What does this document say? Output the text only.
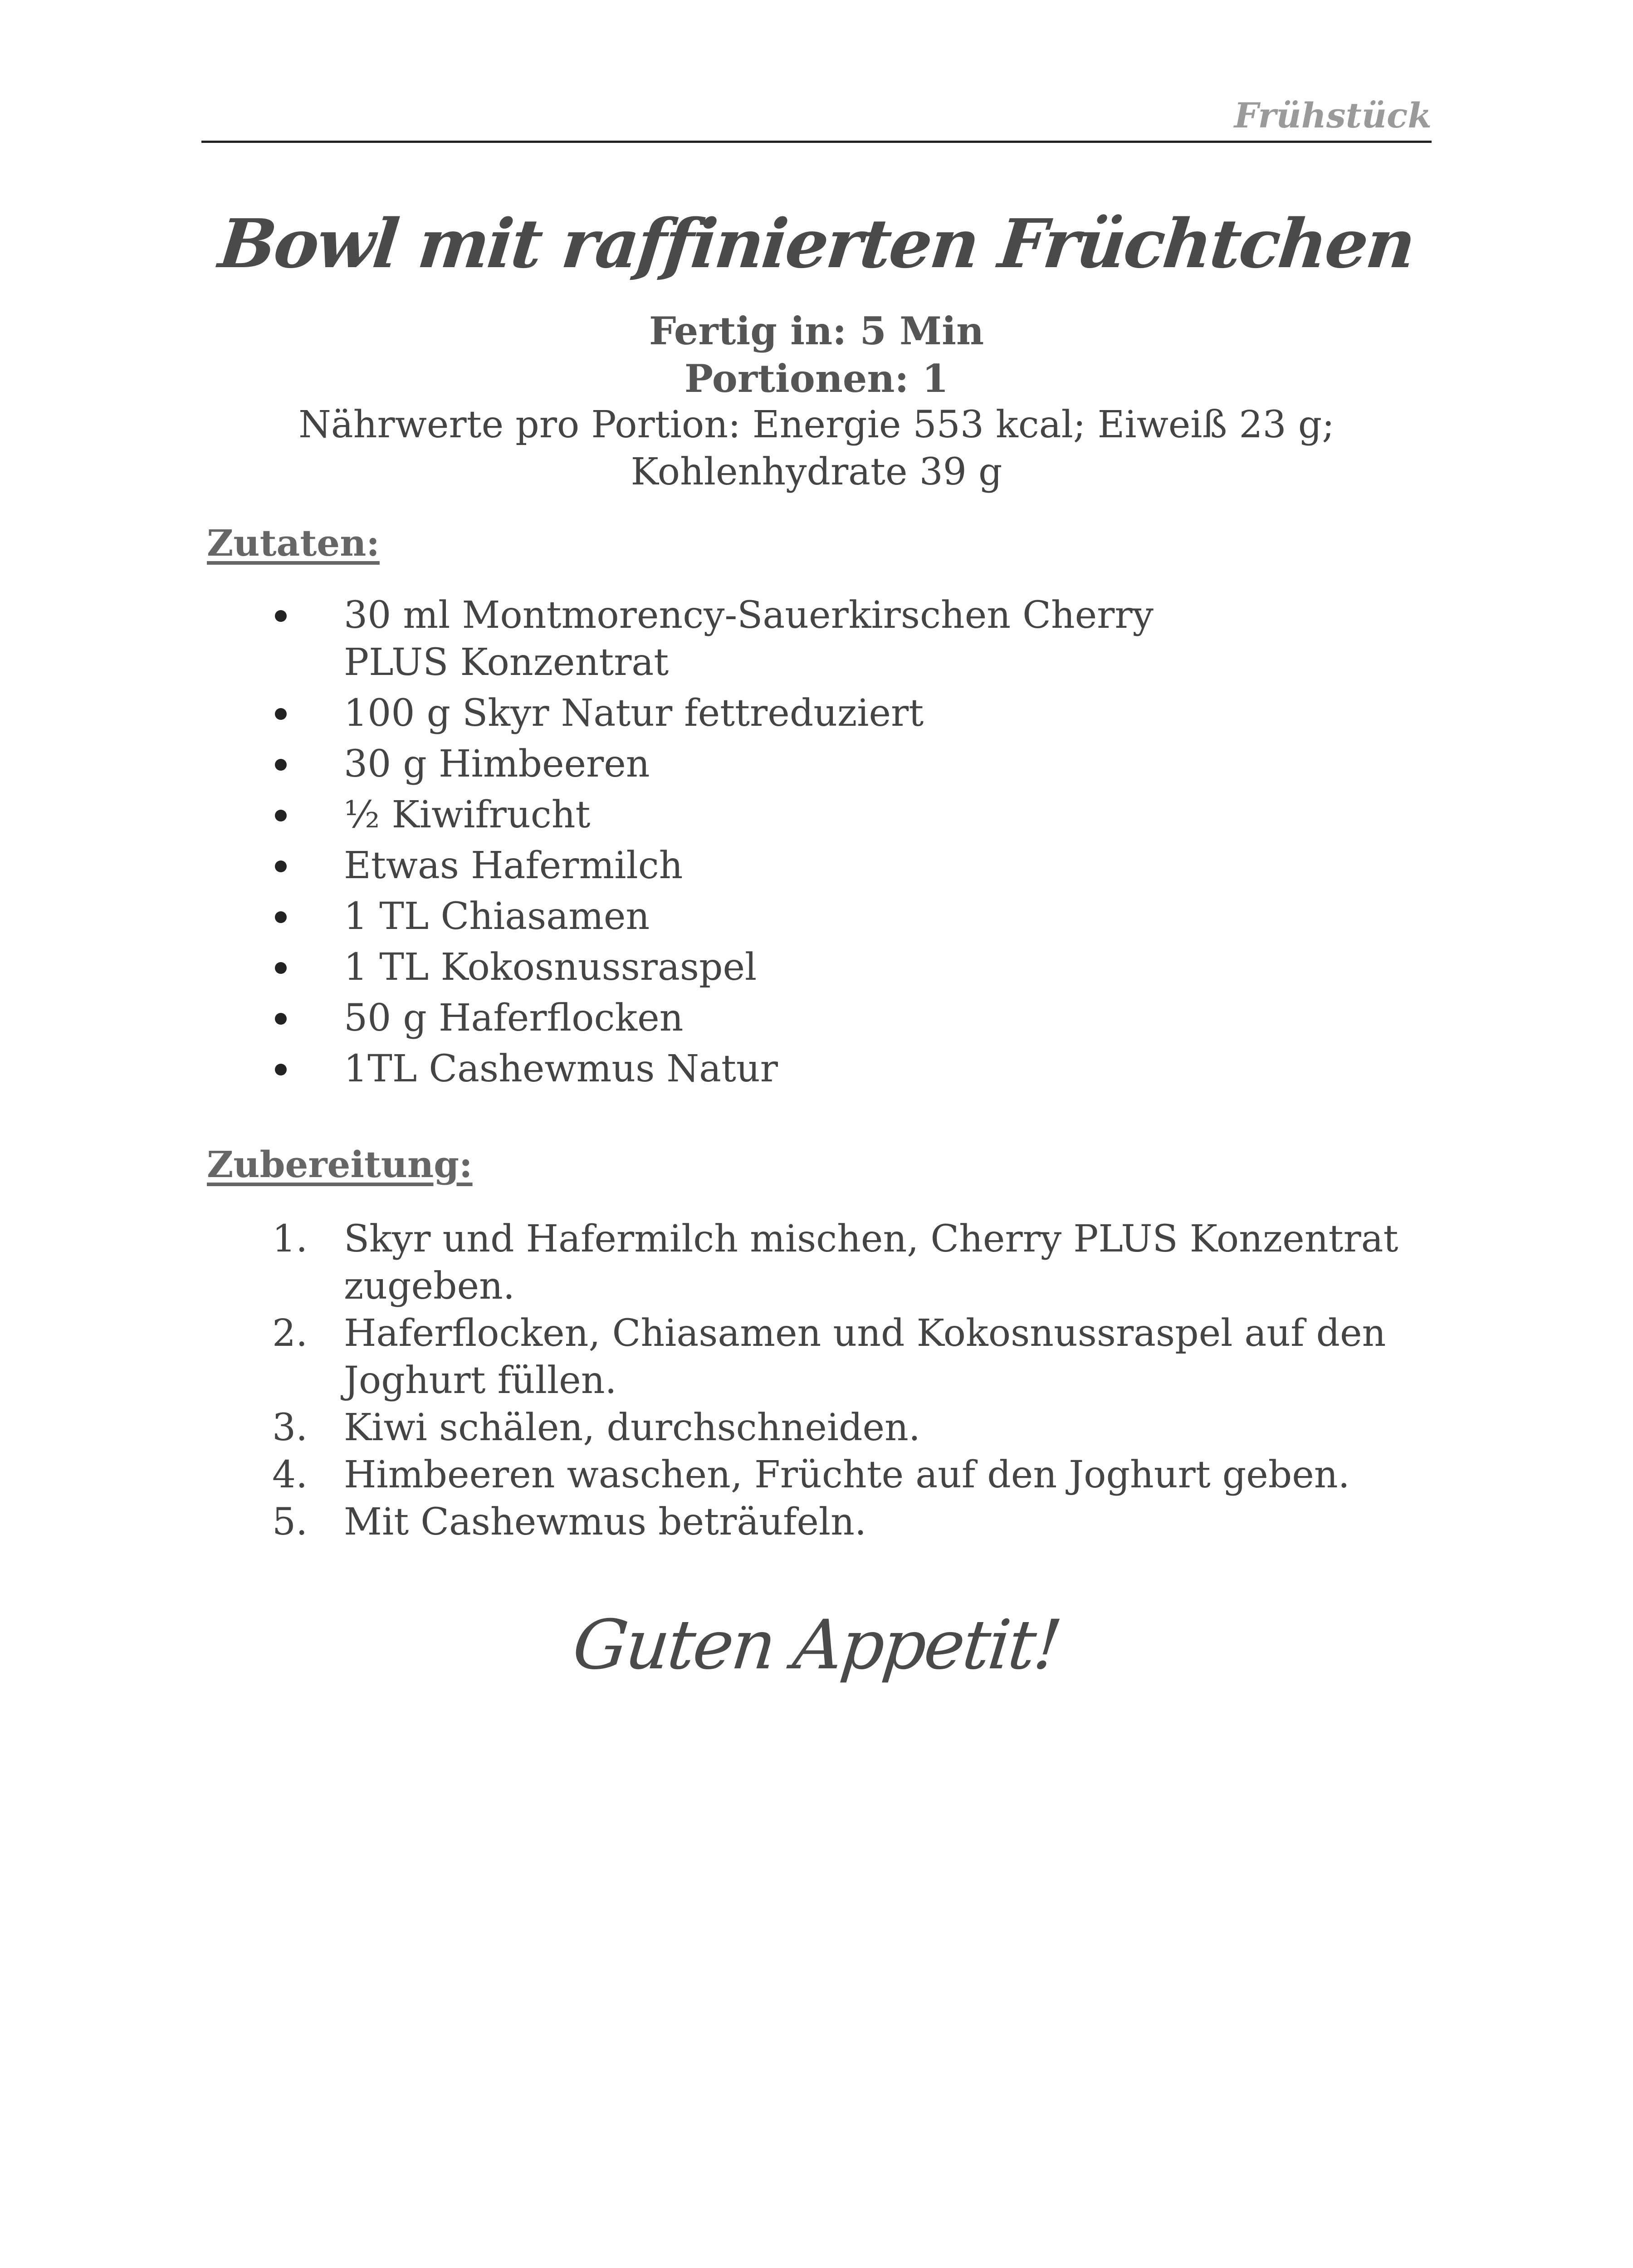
Frühstück

Bowl mit raffinierten Früchtchen

Fertig in: 5 Min

Portionen: 1

Nährwerte pro Portion: Energie 553 kcal; Eiweiß 23 g;
Kohlenhydrate 39 g

Zutaten:
30 ml Montmorency-Sauerkirschen Cherry PLUS Konzentrat
100 g Skyr Natur fettreduziert
30 g Himbeeren
½ Kiwifrucht
Etwas Hafermilch
1 TL Chiasamen
1 TL Kokosnussraspel
50 g Haferflocken
1TL Cashewmus Natur
Zubereitung:
1. Skyr und Hafermilch mischen, Cherry PLUS Konzentrat zugeben.
2. Haferflocken, Chiasamen und Kokosnussraspel auf den Joghurt füllen.
3. Kiwi schälen, durchschneiden.
4. Himbeeren waschen, Früchte auf den Joghurt geben.
5. Mit Cashewmus beträufeln.

Guten Appetit!
